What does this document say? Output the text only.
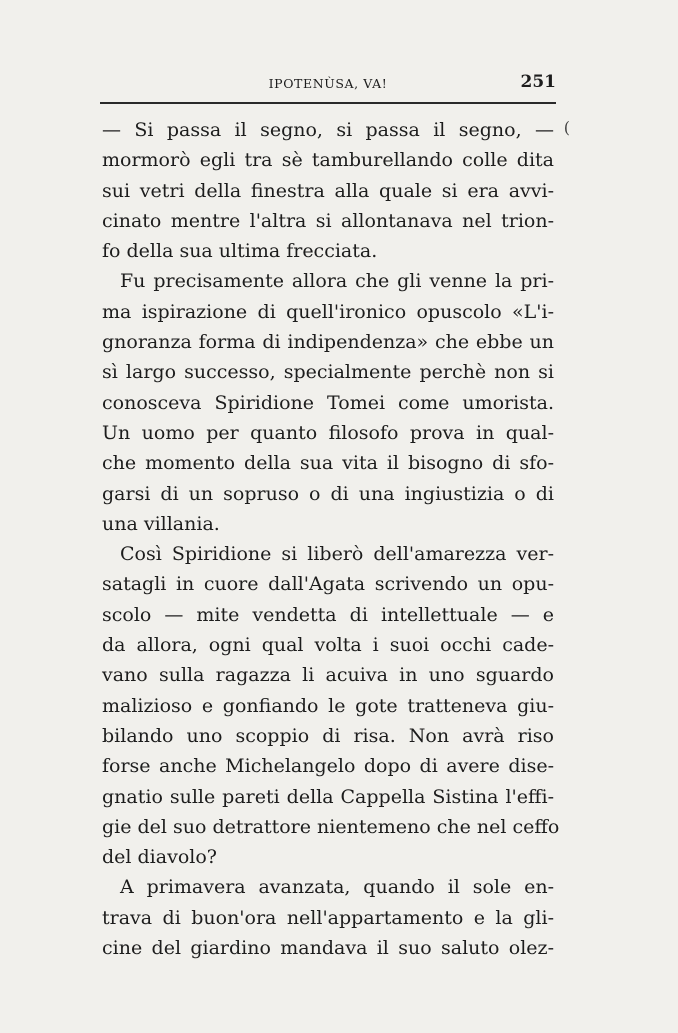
IPOTENÙSA, VA!	251
(
— Si passa il segno, si passa il segno, —
mormorò egli tra sè tamburellando colle dita
sui vetri della finestra alla quale si era avvi-
cinato mentre l'altra si allontanava nel trion-
fo della sua ultima frecciata.
Fu precisamente allora che gli venne la pri-
ma ispirazione di quell'ironico opuscolo «L'i-
gnoranza forma di indipendenza» che ebbe un
sì largo successo, specialmente perchè non si
conosceva Spiridione Tomei come umorista.
Un uomo per quanto filosofo prova in qual-
che momento della sua vita il bisogno di sfo-
garsi di un sopruso o di una ingiustizia o di
una villania.
Così Spiridione si liberò dell'amarezza ver-
satagli in cuore dall'Agata scrivendo un opu-
scolo — mite vendetta di intellettuale — e
da allora, ogni qual volta i suoi occhi cade-
vano sulla ragazza li acuiva in uno sguardo
malizioso e gonfiando le gote tratteneva giu-
bilando uno scoppio di risa. Non avrà riso
forse anche Michelangelo dopo di avere dise-
gnatio sulle pareti della Cappella Sistina l'effi-
gie del suo detrattore nientemeno che nel ceffo
del diavolo?
A primavera avanzata, quando il sole en-
trava di buon'ora nell'appartamento e la gli-
cine del giardino mandava il suo saluto olez-
